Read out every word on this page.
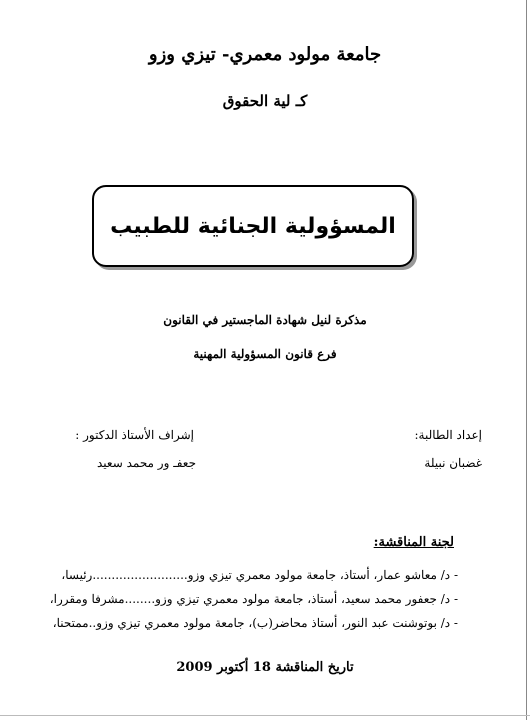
جامعة مولود معمري- تيزي وزو
كـ لية الحقوق
المسؤولية الجنائية للطبيب
مذكرة لنيل شهادة الماجستير في القانون
فرع قانون المسؤولية المهنية
إعداد الطالبة:
إشراف الأستاذ الدكتور :
غضبان نبيلة
جعفـ ور محمد سعيد
لجنة المناقشة:
- د/ معاشو عمار، أستاذ، جامعة مولود معمري تيزي وزو.........................رئيسا،
- د/ جعفور محمد سعيد، أستاذ، جامعة مولود معمري تيزي وزو........مشرفا ومقررا،
- د/ بوتوشنت عبد النور، أستاذ محاضر(ب)، جامعة مولود معمري تيزي وزو..ممتحنا،
تاريخ المناقشة 18 أكتوبر 2009
